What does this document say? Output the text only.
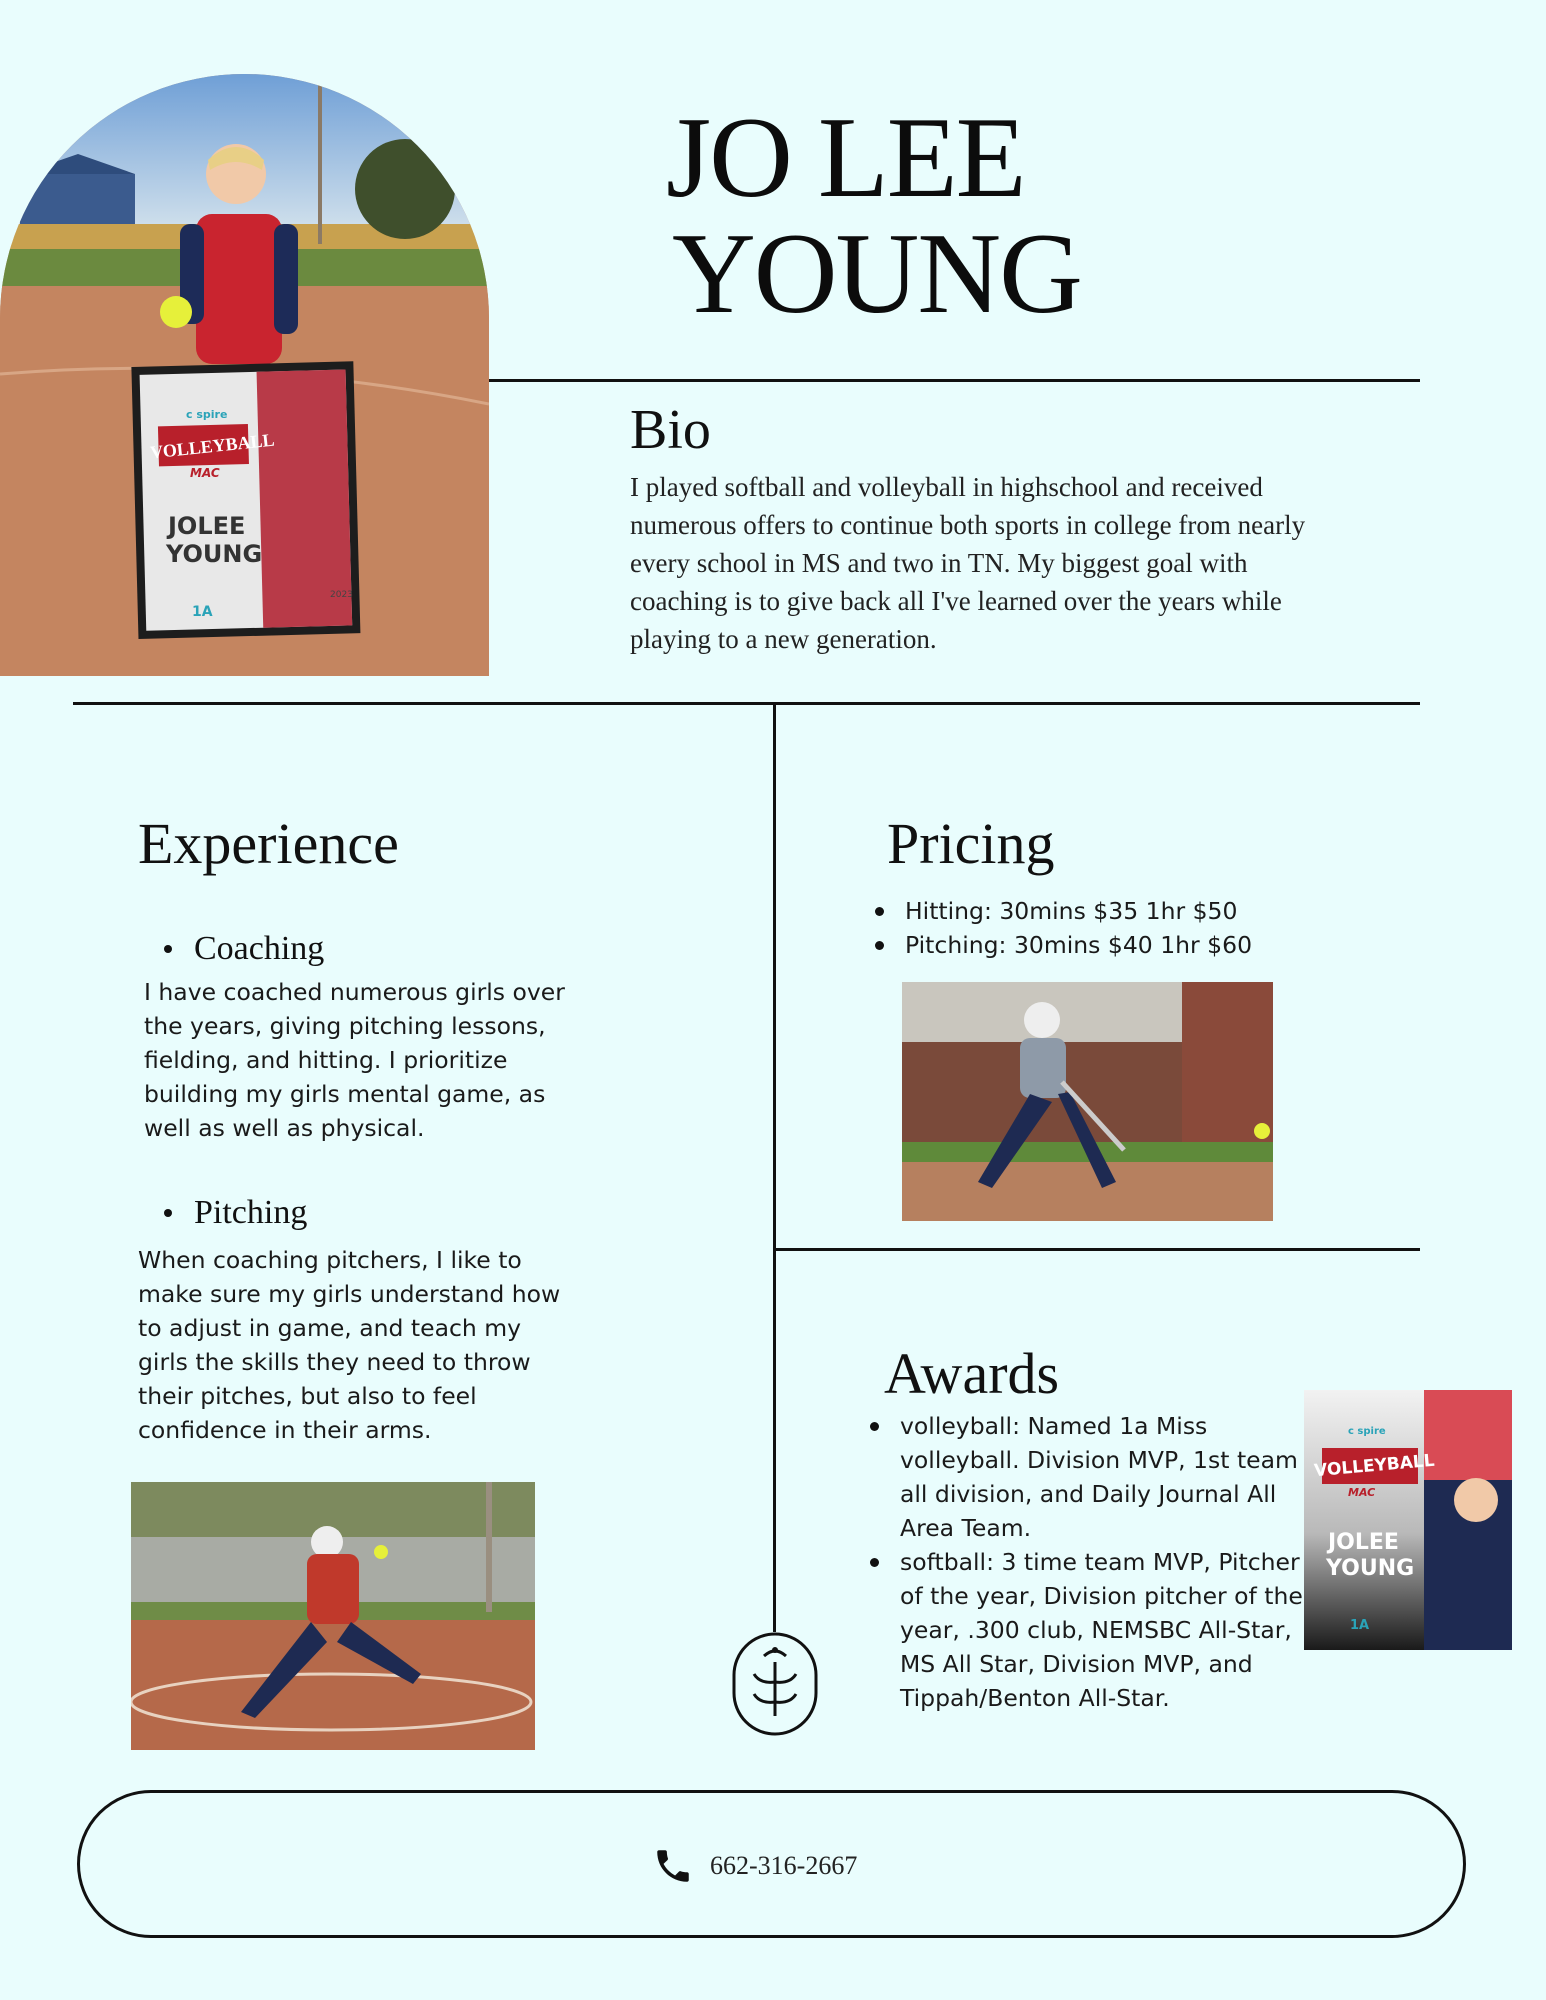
VOLLEYBALL
c spire
MAC
JOLEE
YOUNG
2023
1A
JO LEE
YOUNG
Bio

I played softball and volleyball in highschool and received numerous offers to continue both sports in college from nearly every school in MS and two in TN. My biggest goal with coaching is to give back all I've learned over the years while playing to a new generation.

Experience
Coaching

I have coached numerous girls over the years, giving pitching lessons, fielding, and hitting. I prioritize building my girls mental game, as well as well as physical.

Pitching

When coaching pitchers, I like to make sure my girls understand how to adjust in game, and teach my girls the skills they need to throw their pitches, but also to feel confidence in their arms.

Pricing
Hitting: 30mins $35 1hr $50
Pitching: 30mins $40 1hr $60
Awards
volleyball: Named 1a Miss volleyball. Division MVP, 1st team all division, and Daily Journal All Area Team.
softball: 3 time team MVP, Pitcher of the year, Division pitcher of the year, .300 club, NEMSBC All-Star, MS All Star, Division MVP, and Tippah/Benton All-Star.
c spire
VOLLEYBALL
MAC
JOLEE
YOUNG
1A
662-316-2667
